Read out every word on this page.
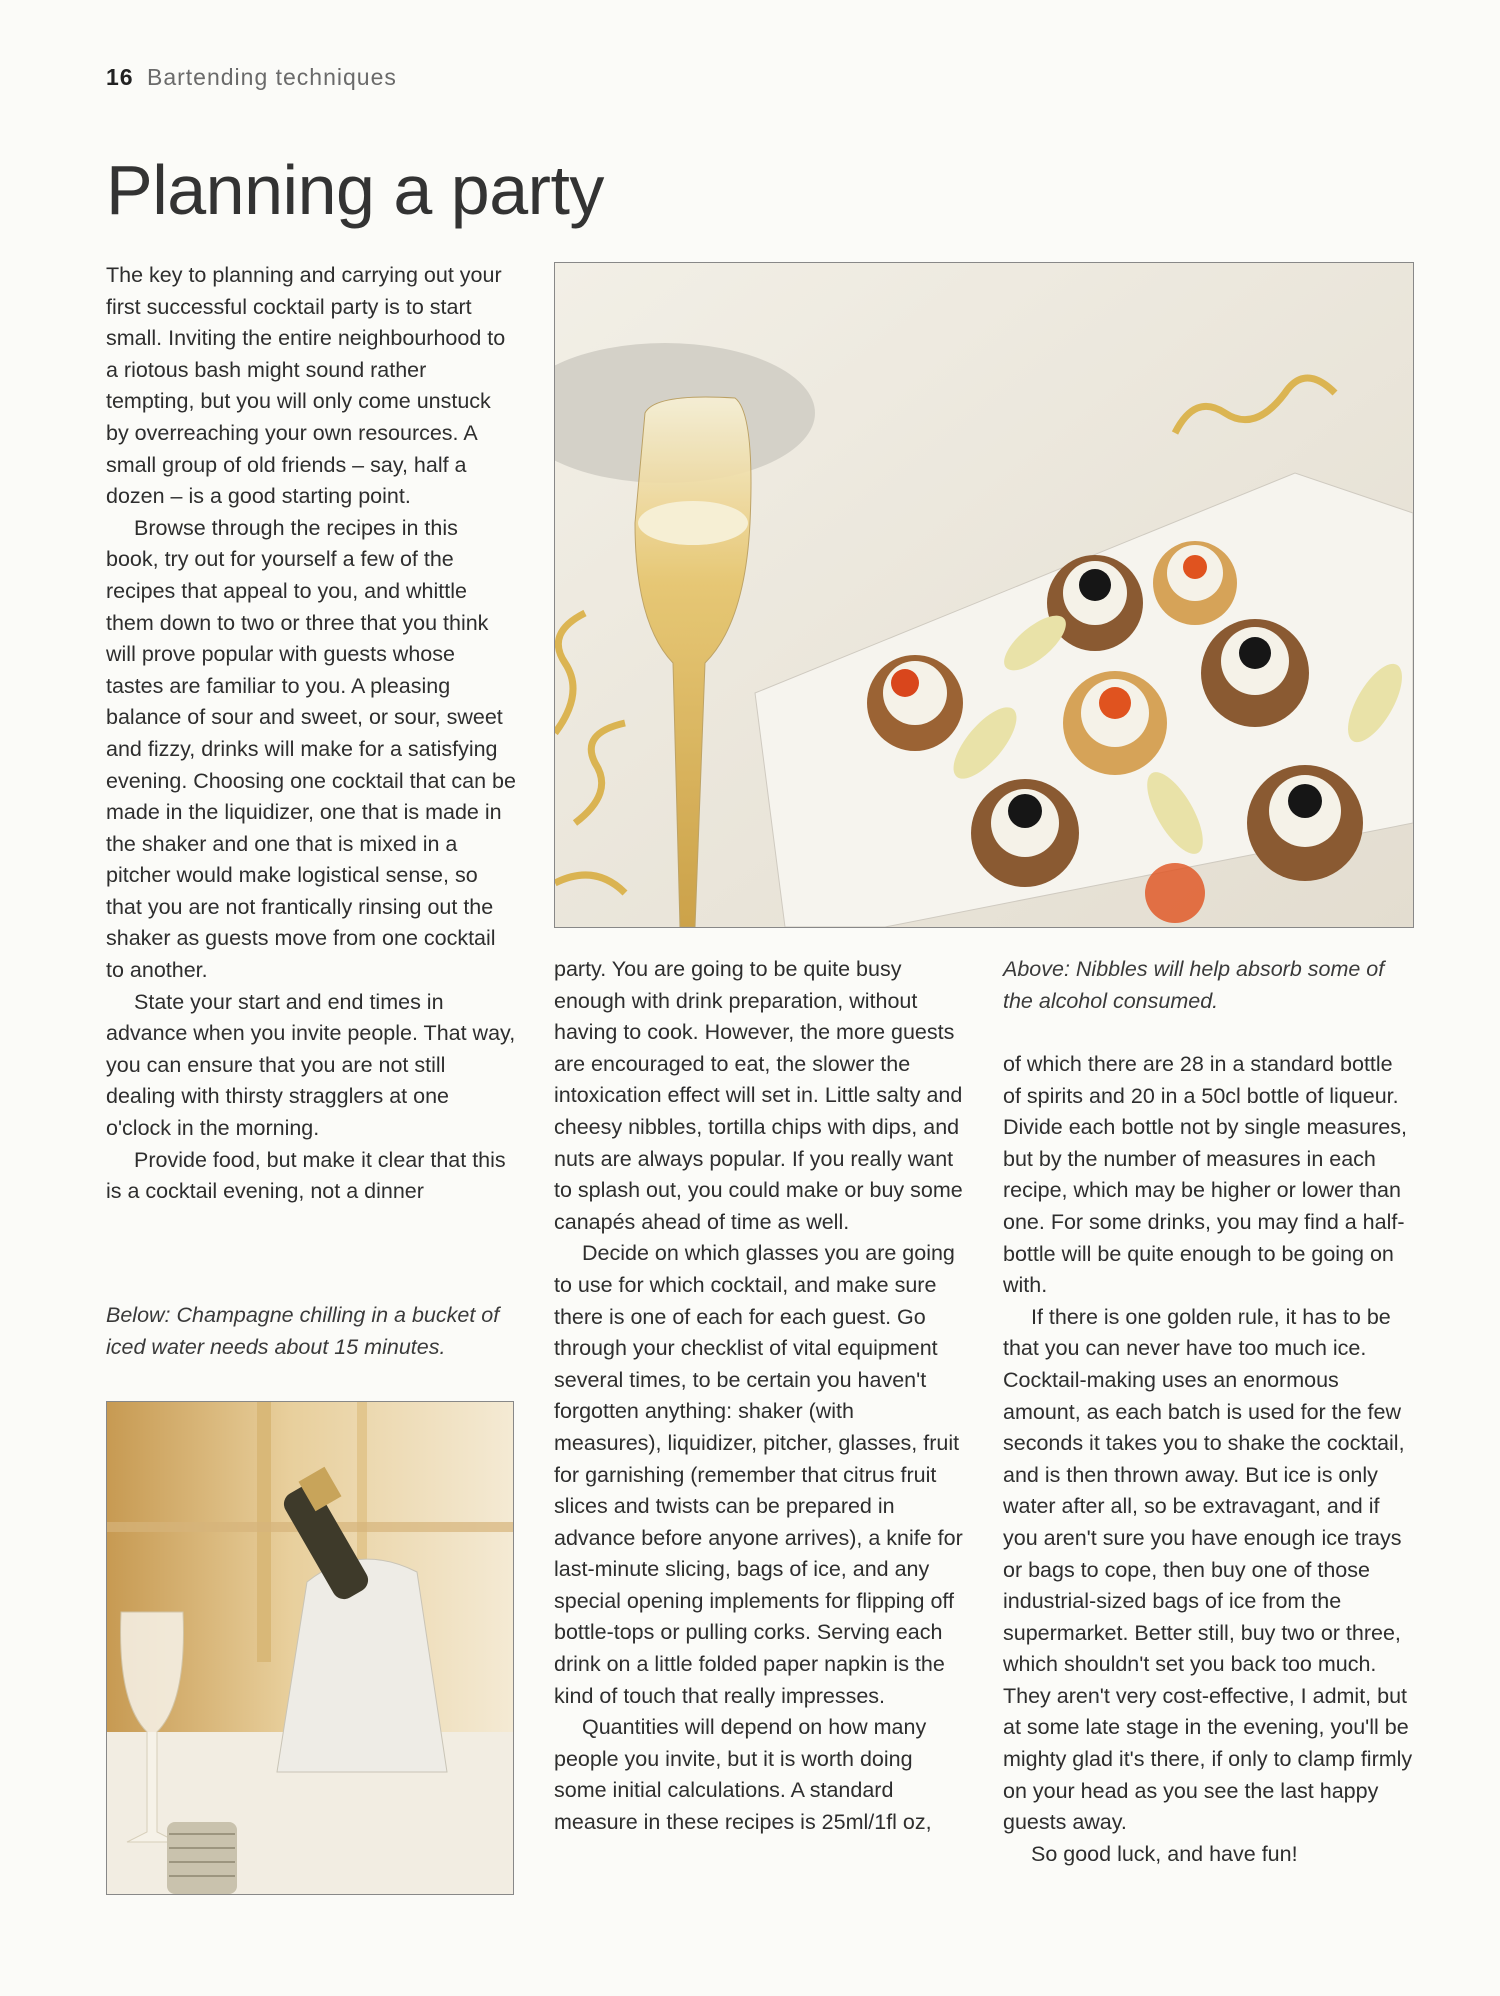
16 Bartending techniques
Planning a party

The key to planning and carrying out your first successful cocktail party is to start small. Inviting the entire neighbourhood to a riotous bash might sound rather tempting, but you will only come unstuck by overreaching your own resources. A small group of old friends – say, half a dozen – is a good starting point.

Browse through the recipes in this book, try out for yourself a few of the recipes that appeal to you, and whittle them down to two or three that you think will prove popular with guests whose tastes are familiar to you. A pleasing balance of sour and sweet, or sour, sweet and fizzy, drinks will make for a satisfying evening. Choosing one cocktail that can be made in the liquidizer, one that is made in the shaker and one that is mixed in a pitcher would make logistical sense, so that you are not frantically rinsing out the shaker as guests move from one cocktail to another.

State your start and end times in advance when you invite people. That way, you can ensure that you are not still dealing with thirsty stragglers at one o'clock in the morning.

Provide food, but make it clear that this is a cocktail evening, not a dinner

Below: Champagne chilling in a bucket of iced water needs about 15 minutes.

party. You are going to be quite busy enough with drink preparation, without having to cook. However, the more guests are encouraged to eat, the slower the intoxication effect will set in. Little salty and cheesy nibbles, tortilla chips with dips, and nuts are always popular. If you really want to splash out, you could make or buy some canapés ahead of time as well.

Decide on which glasses you are going to use for which cocktail, and make sure there is one of each for each guest. Go through your checklist of vital equipment several times, to be certain you haven't forgotten anything: shaker (with measures), liquidizer, pitcher, glasses, fruit for garnishing (remember that citrus fruit slices and twists can be prepared in advance before anyone arrives), a knife for last-minute slicing, bags of ice, and any special opening implements for flipping off bottle-tops or pulling corks. Serving each drink on a little folded paper napkin is the kind of touch that really impresses.

Quantities will depend on how many people you invite, but it is worth doing some initial calculations. A standard measure in these recipes is 25ml/1fl oz,

Above: Nibbles will help absorb some of the alcohol consumed.

of which there are 28 in a standard bottle of spirits and 20 in a 50cl bottle of liqueur. Divide each bottle not by single measures, but by the number of measures in each recipe, which may be higher or lower than one. For some drinks, you may find a half-bottle will be quite enough to be going on with.

If there is one golden rule, it has to be that you can never have too much ice. Cocktail-making uses an enormous amount, as each batch is used for the few seconds it takes you to shake the cocktail, and is then thrown away. But ice is only water after all, so be extravagant, and if you aren't sure you have enough ice trays or bags to cope, then buy one of those industrial-sized bags of ice from the supermarket. Better still, buy two or three, which shouldn't set you back too much. They aren't very cost-effective, I admit, but at some late stage in the evening, you'll be mighty glad it's there, if only to clamp firmly on your head as you see the last happy guests away.

So good luck, and have fun!
